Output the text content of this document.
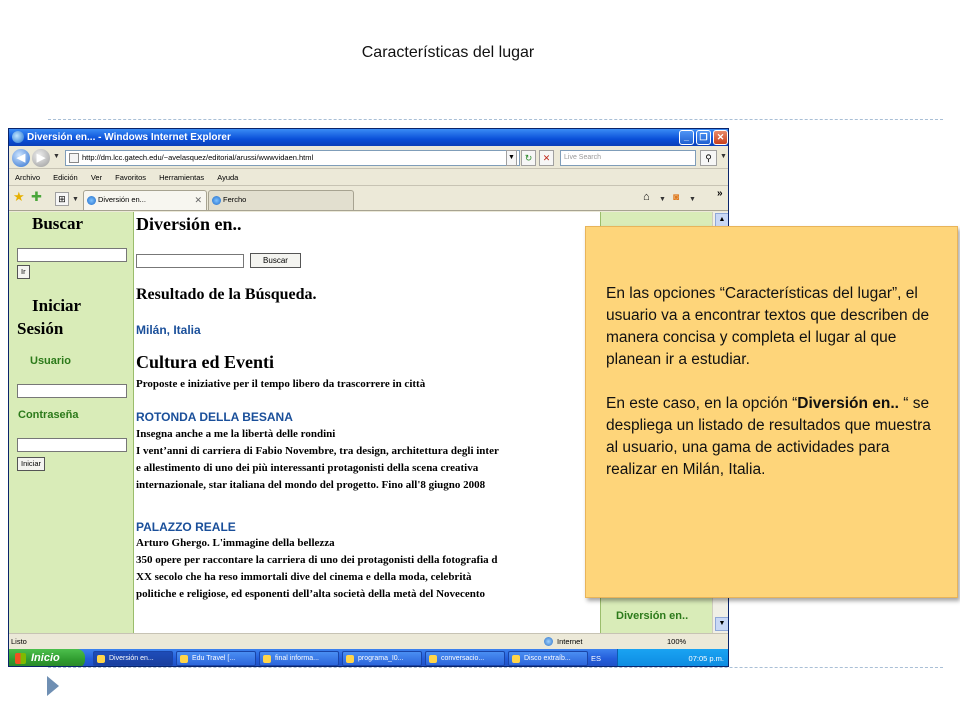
Características del lugar
Diversión en... - Windows Internet Explorer	_	❐	✕
◀	▶	▼	http://dm.lcc.gatech.edu/~avelasquez/editorial/arussi/wwwvidaen.html	▼	↻	✕	Live Search	⚲	▼
Archivo Edición Ver Favoritos Herramientas Ayuda
★ ✚	⊞ ▼	Diversión en...	✕	Fercho	⌂ ▼ ◙ ▼
»
Buscar
Ir
Iniciar
Sesión
Usuario
Contraseña
Iniciar
Diversión en..
Buscar
Resultado de la Búsqueda.
Milán, Italia
Cultura ed Eventi
Proposte e iniziative per il tempo libero da trascorrere in città
ROTONDA DELLA BESANA
Insegna anche a me la libertà delle rondini
I vent’anni di carriera di Fabio Novembre, tra design, architettura degli inter
e allestimento di uno dei più interessanti protagonisti della scena creativa
internazionale, star italiana del mondo del progetto. Fino all'8 giugno 2008
PALAZZO REALE
Arturo Ghergo. L'immagine della bellezza
350 opere per raccontare la carriera di uno dei protagonisti della fotografia d
XX secolo che ha reso immortali dive del cinema e della moda, celebrità
politiche e religiose, ed esponenti dell’alta società della metà del Novecento
Diversión en..
▲
▼
Listo	Internet	100%
Inicio	Diversión en...	Edu Travel [...	final informa...	programa_I0...	conversacio...	Disco extraíb...	ES	07:05 p.m.

En las opciones “Características del lugar”, el usuario va a encontrar textos que describen de manera concisa y completa el lugar al que planean ir a estudiar.

En este caso, en la opción “Diversión en.. “ se despliega un listado de resultados que muestra al usuario, una gama de actividades para realizar en Milán, Italia.
